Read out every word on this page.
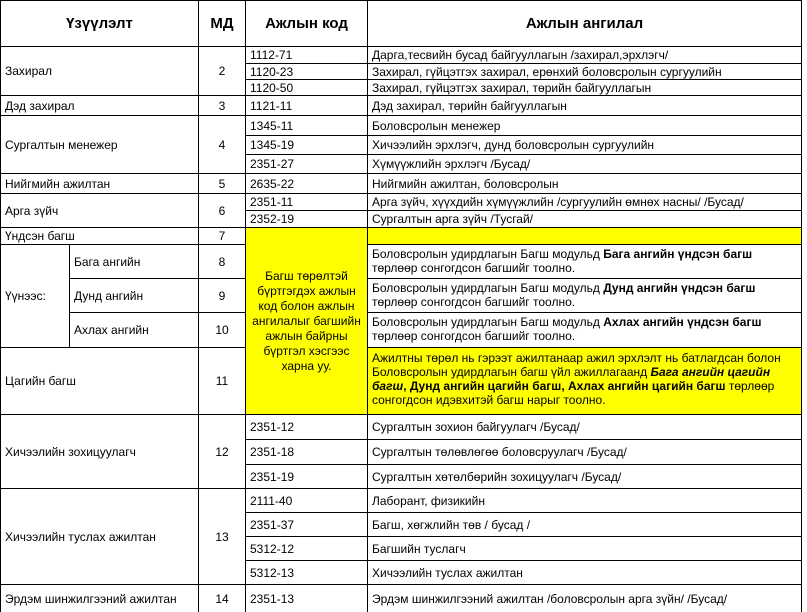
Үзүүлэлт	МД	Ажлын код	Ажлын ангилал
Захирал	2
1112-71	Дарга,тесвийн бусад байгууллагын /захирал,эрхлэгч/
1120-23	Захирал, гүйцэтгэх захирал, ерөнхий боловсролын сургуулийн
1120-50	Захирал, гүйцэтгэх захирал, төрийн байгууллагын
Дэд захирал	3	1121-11	Дэд захирал, төрийн байгууллагын
Сургалтын менежер	4
1345-11	Боловсролын менежер
1345-19	Хичээлийн эрхлэгч, дунд боловсролын сургуулийн
2351-27	Хүмүүжлийн эрхлэгч /Бусад/
Нийгмийн ажилтан	5	2635-22	Нийгмийн ажилтан, боловсролын
Арга зүйч	6
2351-11	Арга зүйч, хүүхдийн хүмүүжлийн /сургуулийн өмнөх насны/ /Бусад/
2352-19	Сургалтын арга зүйч /Тусгай/
Үндсэн багш	7
Үүнээс:
Бага ангийн	8
Боловсролын удирдлагын Багш модульд Бага ангийн үндсэн багш төрлөөр сонгогдсон багшийг тоолно.
Дунд ангийн	9
Боловсролын удирдлагын Багш модульд Дунд ангийн үндсэн багш төрлөөр сонгогдсон багшийг тоолно.
Ахлах ангийн	10
Боловсролын удирдлагын Багш модульд Ахлах ангийн үндсэн багш төрлөөр сонгогдсон багшийг тоолно.
Цагийн багш	11
Ажилтны төрөл нь гэрээт ажилтанаар ажил эрхлэлт нь батлагдсан болон Боловсролын удирдлагын багш үйл ажиллагаанд Бага ангийн цагийн багш, Дунд ангийн цагийн багш, Ахлах ангийн цагийн багш төрлөөр сонгогдсон идэвхитэй багш нарыг тоолно.
Багш төрөлтэй бүртгэгдэх ажлын код болон ажлын ангилалыг багшийн ажлын байрны бүртгэл хэсгээс харна уу.
Хичээлийн зохицуулагч	12
2351-12	Сургалтын зохион байгуулагч /Бусад/
2351-18	Сургалтын төлөвлөгөө боловсруулагч /Бусад/
2351-19	Сургалтын хөтөлбөрийн зохицуулагч /Бусад/
Хичээлийн туслах ажилтан	13
2111-40	Лаборант, физикийн
2351-37	Багш, хөгжлийн төв / бусад /
5312-12	Багшийн туслагч
5312-13	Хичээлийн туслах ажилтан
Эрдэм шинжилгээний ажилтан	14	2351-13	Эрдэм шинжилгээний ажилтан /боловсролын арга зүйн/ /Бусад/
